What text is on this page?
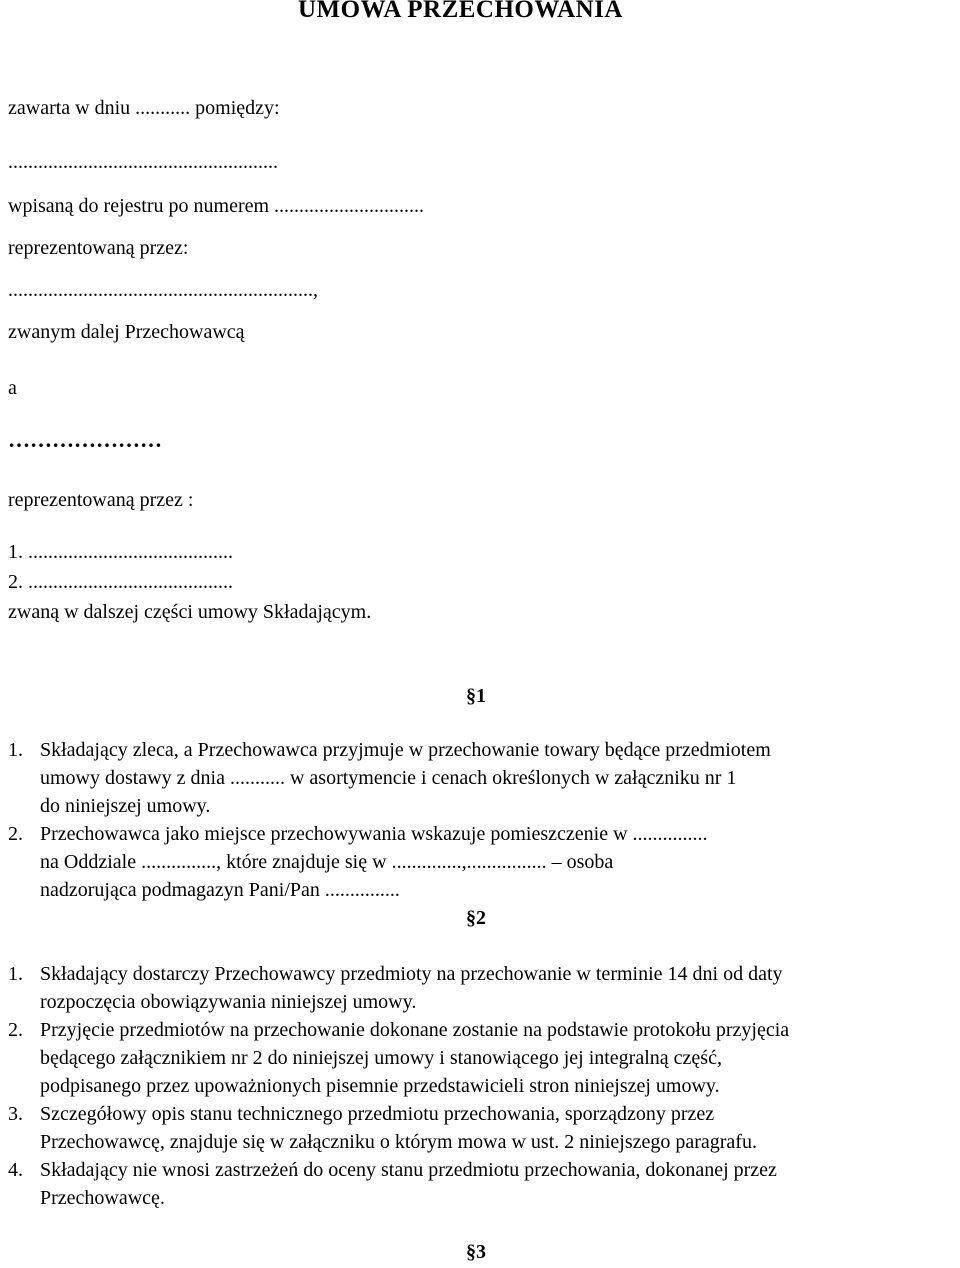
UMOWA PRZECHOWANIA
zawarta w dniu ........... pomiędzy:
......................................................
wpisaną do rejestru po numerem ..............................
reprezentowaną przez:
.............................................................,
zwanym dalej Przechowawcą
a
…………………
reprezentowaną przez :
1. .........................................
2. .........................................
zwaną w dalszej części umowy Składającym.
§1
1. Składający zleca, a Przechowawca przyjmuje w przechowanie towary będące przedmiotem
umowy dostawy z dnia ........... w asortymencie i cenach określonych w załączniku nr 1
do niniejszej umowy.
2. Przechowawca jako miejsce przechowywania wskazuje pomieszczenie w ...............
na Oddziale ..............., które znajduje się w ..............,................ – osoba
nadzorująca podmagazyn Pani/Pan ...............
§2
1. Składający dostarczy Przechowawcy przedmioty na przechowanie w terminie 14 dni od daty
rozpoczęcia obowiązywania niniejszej umowy.
2. Przyjęcie przedmiotów na przechowanie dokonane zostanie na podstawie protokołu przyjęcia
będącego załącznikiem nr 2 do niniejszej umowy i stanowiącego jej integralną część,
podpisanego przez upoważnionych pisemnie przedstawicieli stron niniejszej umowy.
3. Szczegółowy opis stanu technicznego przedmiotu przechowania, sporządzony przez
Przechowawcę, znajduje się w załączniku o którym mowa w ust. 2 niniejszego paragrafu.
4. Składający nie wnosi zastrzeżeń do oceny stanu przedmiotu przechowania, dokonanej przez
Przechowawcę.
§3
